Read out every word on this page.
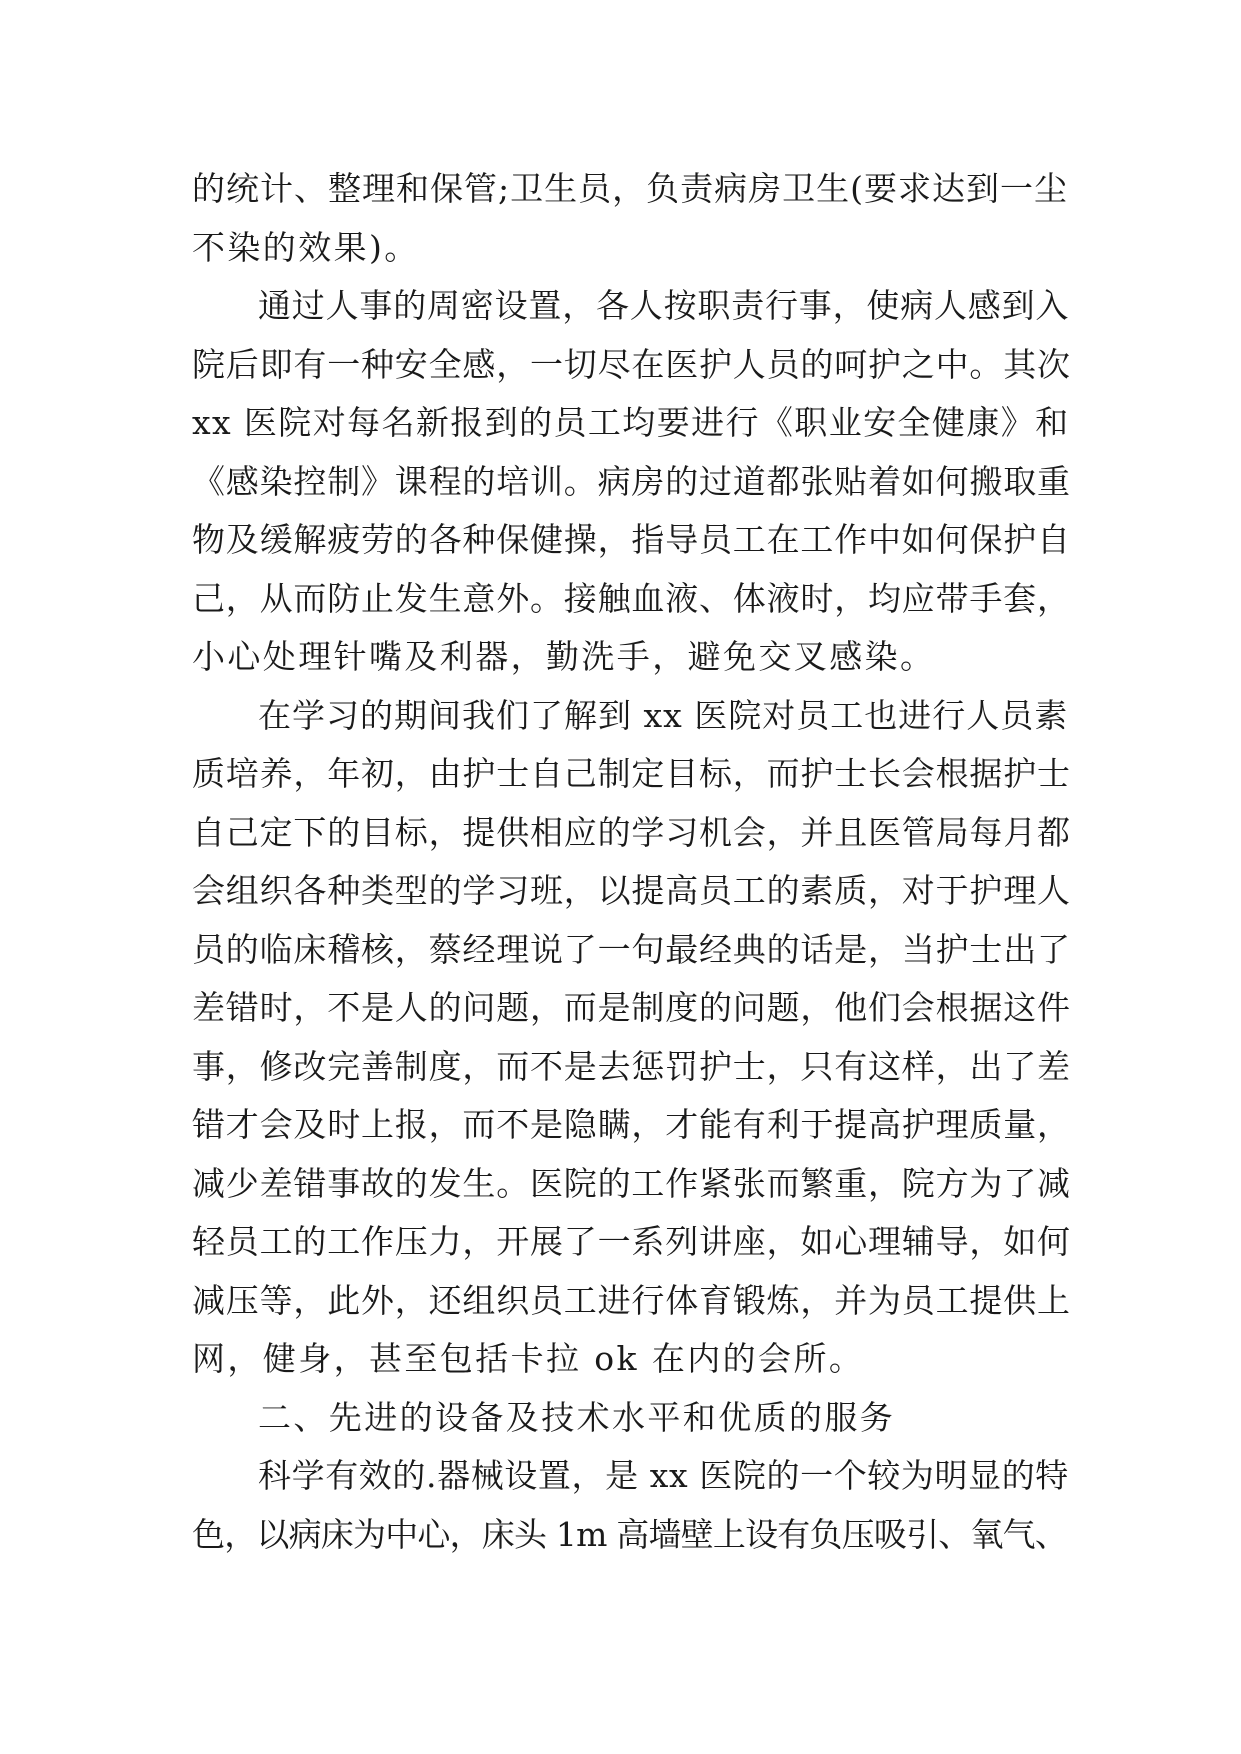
的统计、整理和保管;卫生员，负责病房卫生(要求达到一尘
不染的效果)。
通过人事的周密设置，各人按职责行事，使病人感到入
院后即有一种安全感，一切尽在医护人员的呵护之中。其次
xx 医院对每名新报到的员工均要进行《职业安全健康》和
《感染控制》课程的培训。病房的过道都张贴着如何搬取重
物及缓解疲劳的各种保健操，指导员工在工作中如何保护自
己，从而防止发生意外。接触血液、体液时，均应带手套，
小心处理针嘴及利器，勤洗手，避免交叉感染。
在学习的期间我们了解到 xx 医院对员工也进行人员素
质培养，年初，由护士自己制定目标，而护士长会根据护士
自己定下的目标，提供相应的学习机会，并且医管局每月都
会组织各种类型的学习班，以提高员工的素质，对于护理人
员的临床稽核，蔡经理说了一句最经典的话是，当护士出了
差错时，不是人的问题，而是制度的问题，他们会根据这件
事，修改完善制度，而不是去惩罚护士，只有这样，出了差
错才会及时上报，而不是隐瞒，才能有利于提高护理质量，
减少差错事故的发生。医院的工作紧张而繁重，院方为了减
轻员工的工作压力，开展了一系列讲座，如心理辅导，如何
减压等，此外，还组织员工进行体育锻炼，并为员工提供上
网，健身，甚至包括卡拉 ok 在内的会所。
二、先进的设备及技术水平和优质的服务
科学有效的.器械设置，是 xx 医院的一个较为明显的特
色，以病床为中心，床头 1m 高墙壁上设有负压吸引、氧气、
